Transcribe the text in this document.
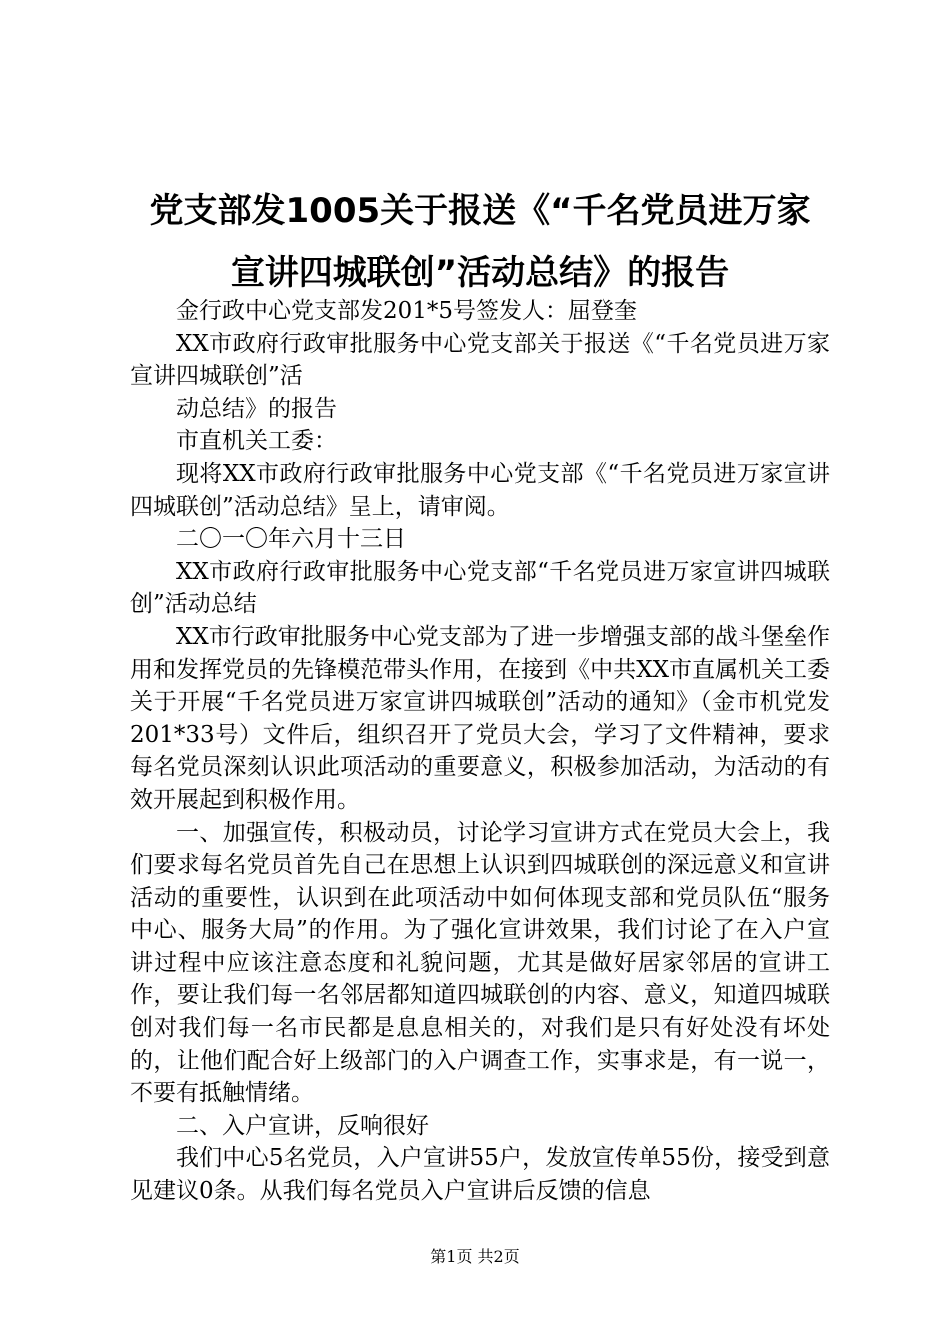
党支部发1005关于报送《“千名党员进万家
宣讲四城联创”活动总结》的报告

金行政中心党支部发201*5号签发人：屈登奎

XX市政府行政审批服务中心党支部关于报送《“千名党员进万家宣讲四城联创”活

动总结》的报告

市直机关工委：

现将XX市政府行政审批服务中心党支部《“千名党员进万家宣讲四城联创”活动总结》呈上，请审阅。

二〇一〇年六月十三日

XX市政府行政审批服务中心党支部“千名党员进万家宣讲四城联创”活动总结

XX市行政审批服务中心党支部为了进一步增强支部的战斗堡垒作用和发挥党员的先锋模范带头作用，在接到《中共XX市直属机关工委关于开展“千名党员进万家宣讲四城联创”活动的通知》（金市机党发201*33号）文件后，组织召开了党员大会，学习了文件精神，要求每名党员深刻认识此项活动的重要意义，积极参加活动，为活动的有效开展起到积极作用。

一、加强宣传，积极动员，讨论学习宣讲方式在党员大会上，我们要求每名党员首先自己在思想上认识到四城联创的深远意义和宣讲活动的重要性，认识到在此项活动中如何体现支部和党员队伍“服务中心、服务大局”的作用。为了强化宣讲效果，我们讨论了在入户宣讲过程中应该注意态度和礼貌问题，尤其是做好居家邻居的宣讲工作，要让我们每一名邻居都知道四城联创的内容、意义，知道四城联创对我们每一名市民都是息息相关的，对我们是只有好处没有坏处的，让他们配合好上级部门的入户调查工作，实事求是，有一说一，不要有抵触情绪。

二、入户宣讲，反响很好

我们中心5名党员，入户宣讲55户，发放宣传单55份，接受到意见建议0条。从我们每名党员入户宣讲后反馈的信息

第1页 共2页
